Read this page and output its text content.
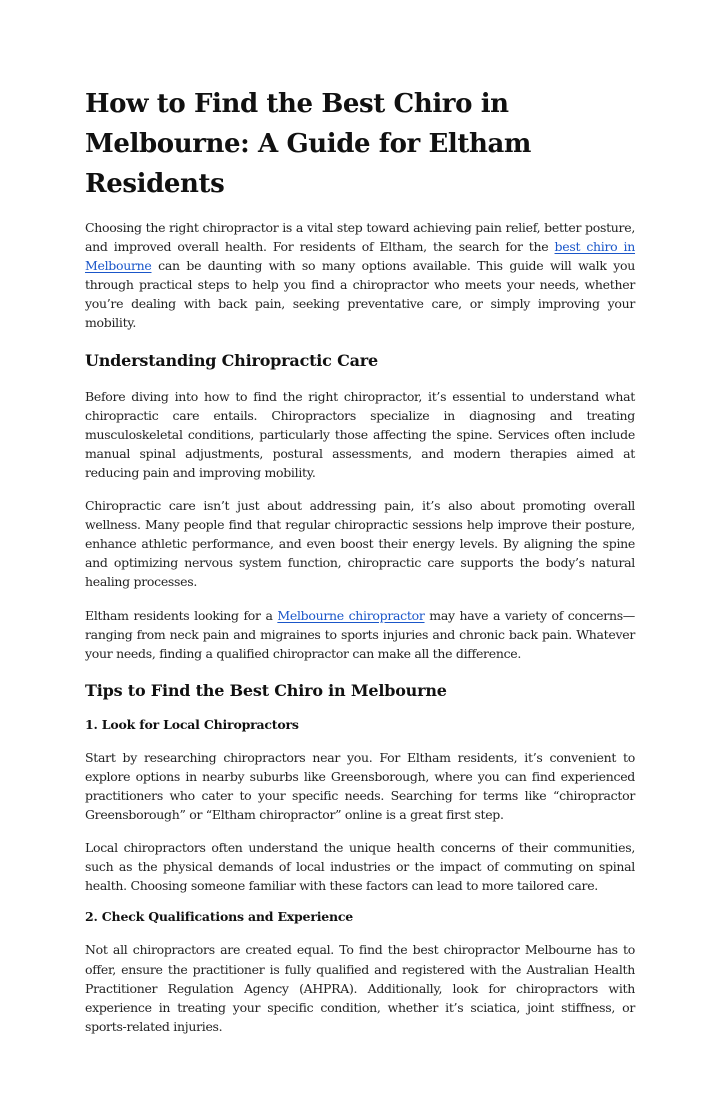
How to Find the Best Chiro in Melbourne: A Guide for Eltham Residents

Choosing the right chiropractor is a vital step toward achieving pain relief, better posture, and improved overall health. For residents of Eltham, the search for the best chiro in Melbourne can be daunting with so many options available. This guide will walk you through practical steps to help you find a chiropractor who meets your needs, whether you’re dealing with back pain, seeking preventative care, or simply improving your mobility.

Understanding Chiropractic Care

Before diving into how to find the right chiropractor, it’s essential to understand what chiropractic care entails. Chiropractors specialize in diagnosing and treating musculoskeletal conditions, particularly those affecting the spine. Services often include manual spinal adjustments, postural assessments, and modern therapies aimed at reducing pain and improving mobility.

Chiropractic care isn’t just about addressing pain, it’s also about promoting overall wellness. Many people find that regular chiropractic sessions help improve their posture, enhance athletic performance, and even boost their energy levels. By aligning the spine and optimizing nervous system function, chiropractic care supports the body’s natural healing processes.

Eltham residents looking for a Melbourne chiropractor may have a variety of concerns—ranging from neck pain and migraines to sports injuries and chronic back pain. Whatever your needs, finding a qualified chiropractor can make all the difference.

Tips to Find the Best Chiro in Melbourne
1. Look for Local Chiropractors

Start by researching chiropractors near you. For Eltham residents, it’s convenient to explore options in nearby suburbs like Greensborough, where you can find experienced practitioners who cater to your specific needs. Searching for terms like “chiropractor Greensborough” or “Eltham chiropractor” online is a great first step.

Local chiropractors often understand the unique health concerns of their communities, such as the physical demands of local industries or the impact of commuting on spinal health. Choosing someone familiar with these factors can lead to more tailored care.

2. Check Qualifications and Experience

Not all chiropractors are created equal. To find the best chiropractor Melbourne has to offer, ensure the practitioner is fully qualified and registered with the Australian Health Practitioner Regulation Agency (AHPRA). Additionally, look for chiropractors with experience in treating your specific condition, whether it’s sciatica, joint stiffness, or sports-related injuries.
